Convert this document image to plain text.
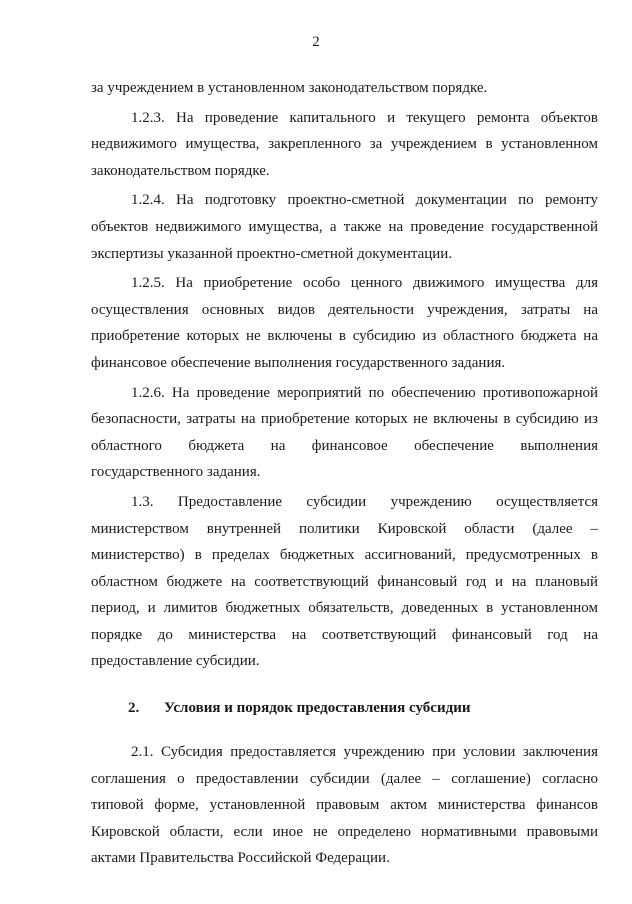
2

за учреждением в установленном законодательством порядке.

1.2.3. На проведение капитального и текущего ремонта объектов недвижимого имущества, закрепленного за учреждением в установленном законодательством порядке.

1.2.4. На подготовку проектно-сметной документации по ремонту объектов недвижимого имущества, а также на проведение государственной экспертизы указанной проектно-сметной документации.

1.2.5. На приобретение особо ценного движимого имущества для осуществления основных видов деятельности учреждения, затраты на приобретение которых не включены в субсидию из областного бюджета на финансовое обеспечение выполнения государственного задания.

1.2.6. На проведение мероприятий по обеспечению противопожарной безопасности, затраты на приобретение которых не включены в субсидию из областного бюджета на финансовое обеспечение выполнения государственного задания.

1.3. Предоставление субсидии учреждению осуществляется министерством внутренней политики Кировской области (далее – министерство) в пределах бюджетных ассигнований, предусмотренных в областном бюджете на соответствующий финансовый год и на плановый период, и лимитов бюджетных обязательств, доведенных в установленном порядке до министерства на соответствующий финансовый год на предоставление субсидии.

2. Условия и порядок предоставления субсидии

2.1. Субсидия предоставляется учреждению при условии заключения соглашения о предоставлении субсидии (далее – соглашение) согласно типовой форме, установленной правовым актом министерства финансов Кировской области, если иное не определено нормативными правовыми актами Правительства Российской Федерации.
